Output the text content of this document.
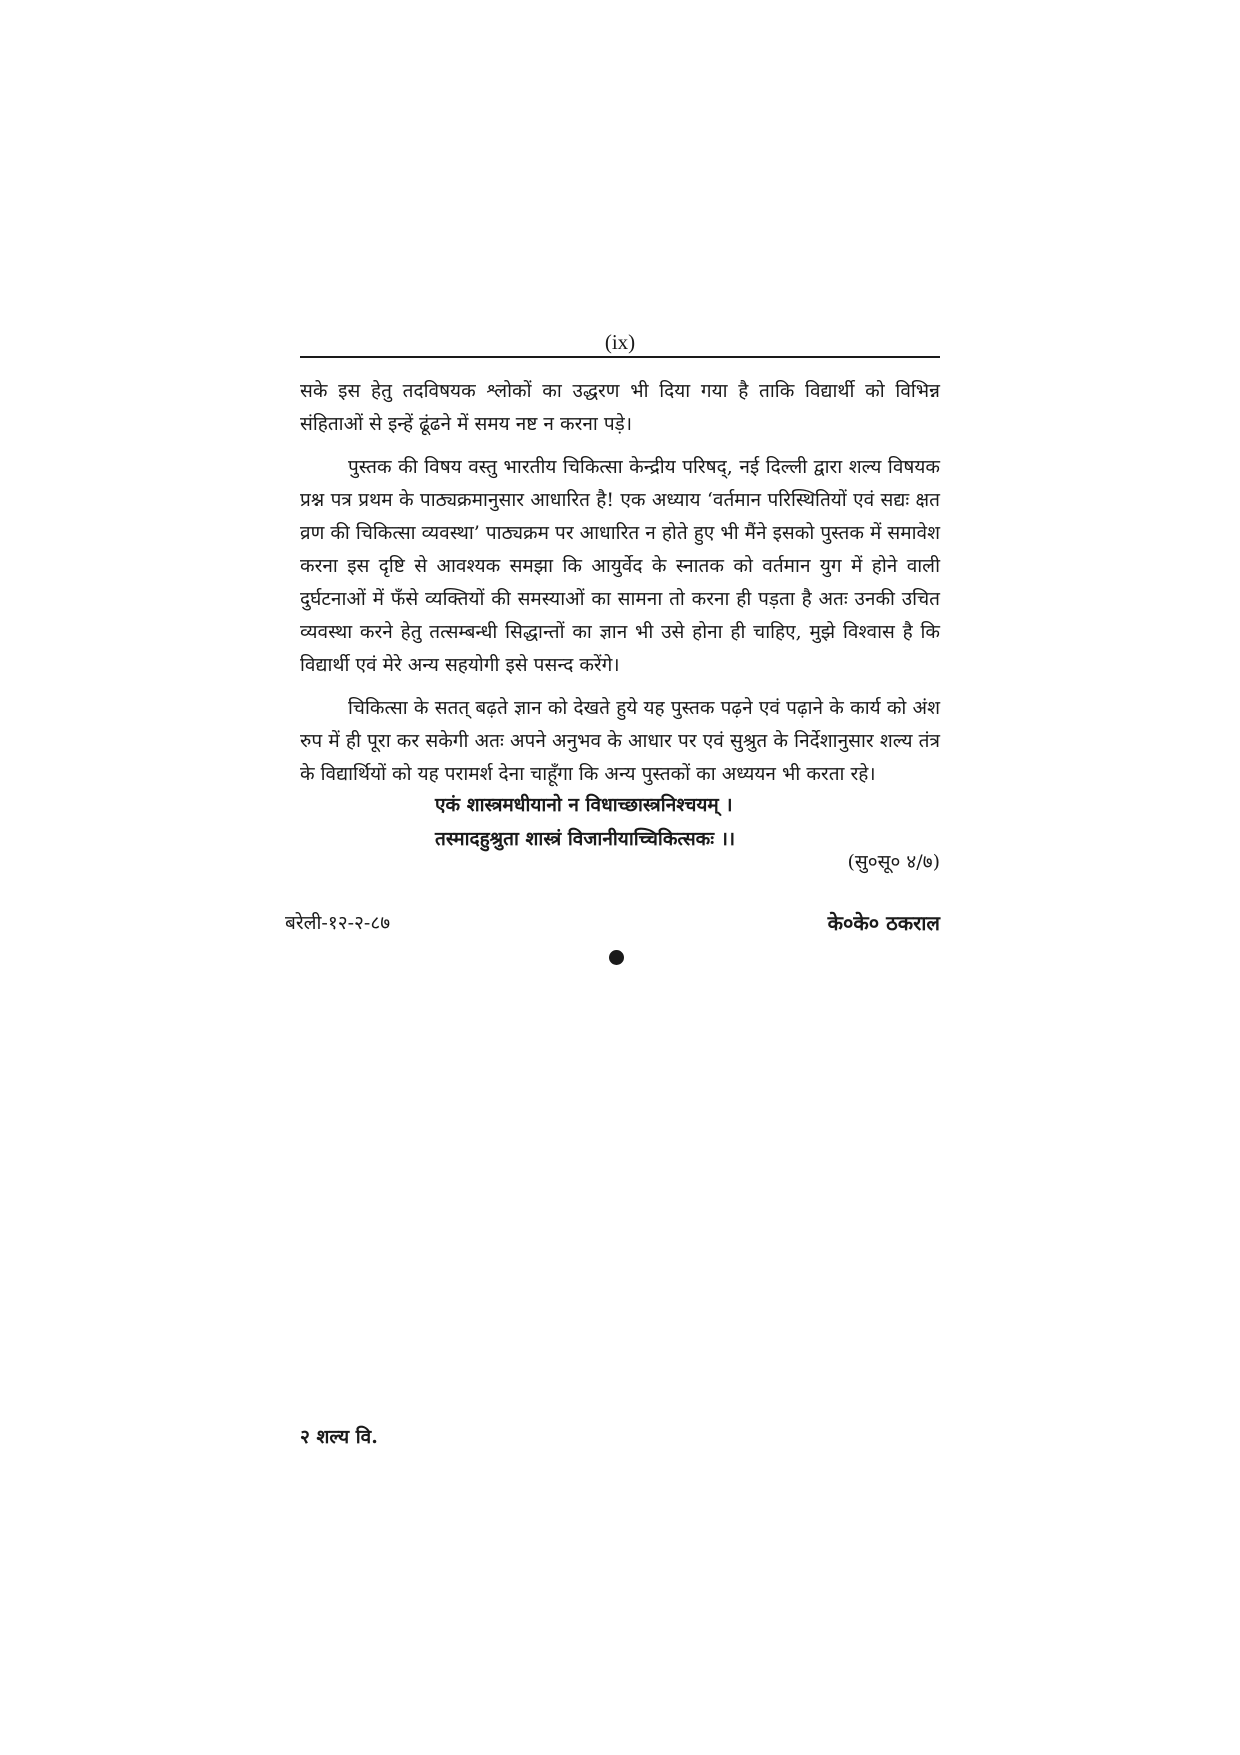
(ix)

सके इस हेतु तदविषयक श्लोकों का उद्धरण भी दिया गया है ताकि विद्यार्थी को विभिन्न संहिताओं से इन्हें ढूंढने में समय नष्ट न करना पड़े।

पुस्तक की विषय वस्तु भारतीय चिकित्सा केन्द्रीय परिषद्, नई दिल्ली द्वारा शल्य विषयक प्रश्न पत्र प्रथम के पाठ्यक्रमानुसार आधारित है! एक अध्याय ‘वर्तमान परिस्थितियों एवं सद्यः क्षत व्रण की चिकित्सा व्यवस्था’ पाठ्यक्रम पर आधारित न होते हुए भी मैंने इसको पुस्तक में समावेश करना इस दृष्टि से आवश्यक समझा कि आयुर्वेद के स्नातक को वर्तमान युग में होने वाली दुर्घटनाओं में फँसे व्यक्तियों की समस्याओं का सामना तो करना ही पड़ता है अतः उनकी उचित व्यवस्था करने हेतु तत्सम्बन्धी सिद्धान्तों का ज्ञान भी उसे होना ही चाहिए, मुझे विश्वास है कि विद्यार्थी एवं मेरे अन्य सहयोगी इसे पसन्द करेंगे।

चिकित्सा के सतत् बढ़ते ज्ञान को देखते हुये यह पुस्तक पढ़ने एवं पढ़ाने के कार्य को अंश रुप में ही पूरा कर सकेगी अतः अपने अनुभव के आधार पर एवं सुश्रुत के निर्देशानुसार शल्य तंत्र के विद्यार्थियों को यह परामर्श देना चाहूँगा कि अन्य पुस्तकों का अध्ययन भी करता रहे।

एकं शास्त्रमधीयानो न विधाच्छास्त्रनिश्चयम् ।
तस्मादहुश्रुता शास्त्रं विजानीयाच्चिकित्सकः ।।
(सु०सू० ४/७)
बरेली-१२-२-८७	के०के० ठकराल
२ शल्य वि.
